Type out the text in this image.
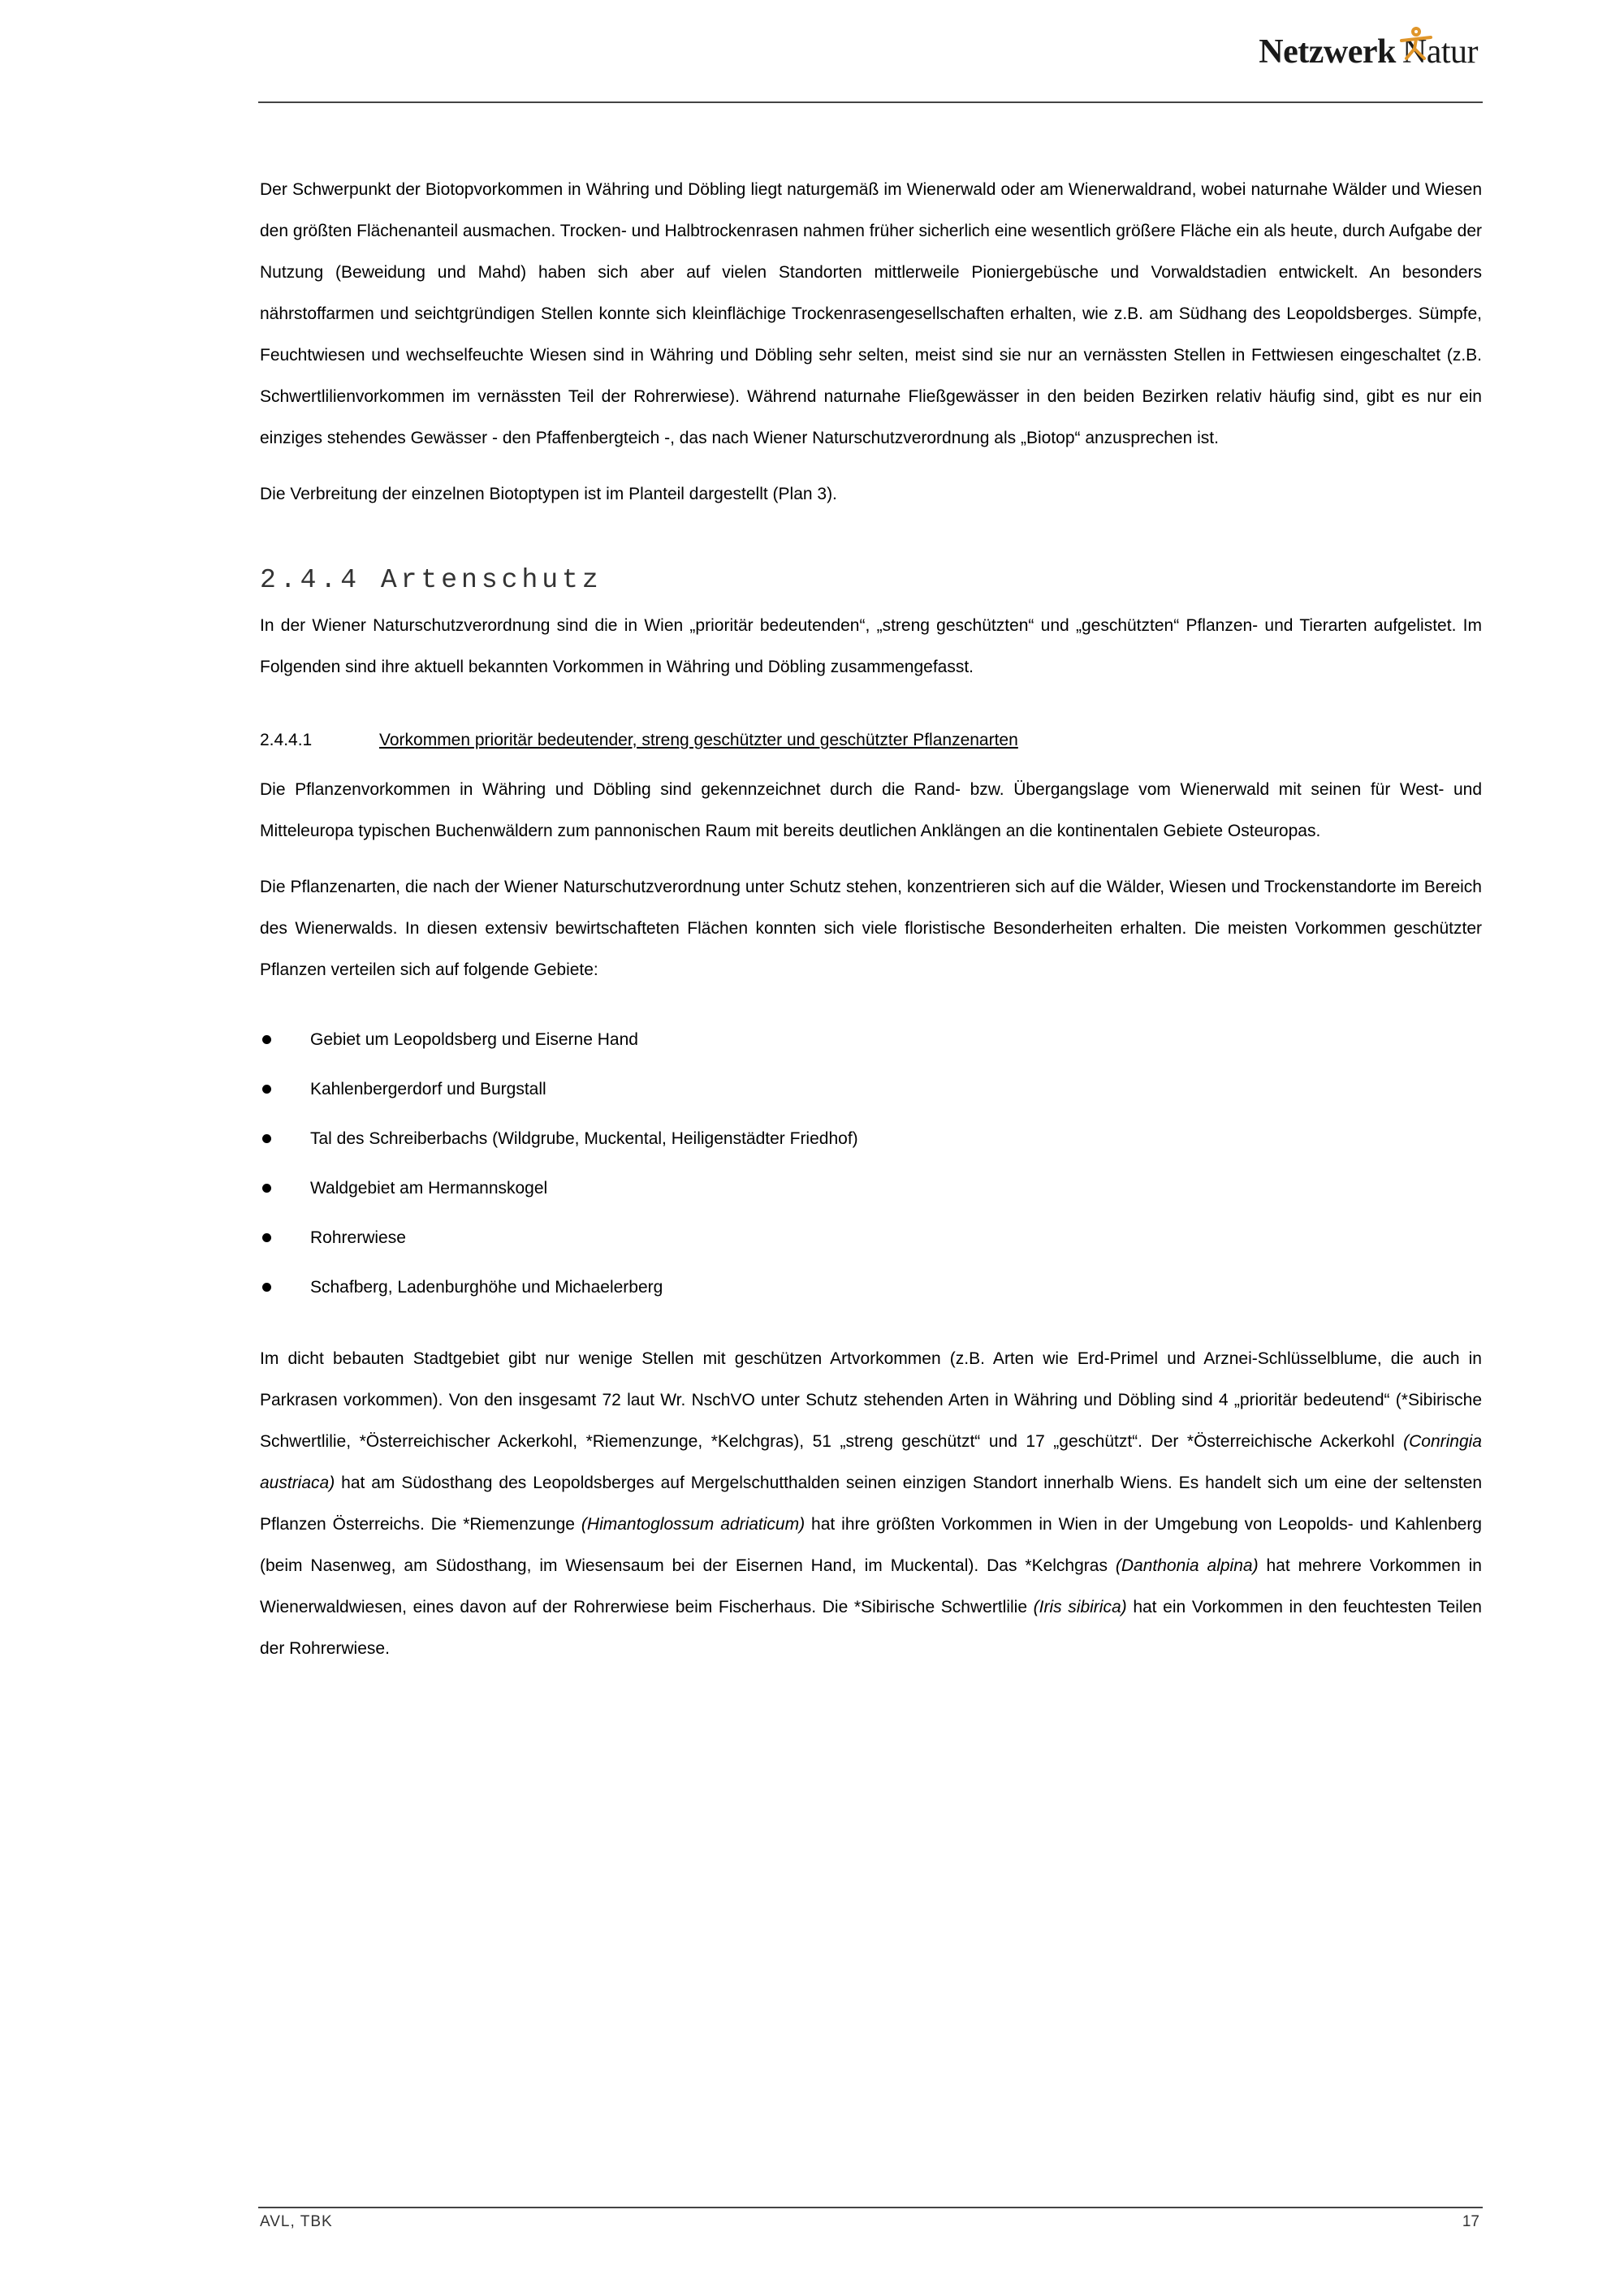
Netzwerk Natur

Der Schwerpunkt der Biotopvorkommen in Währing und Döbling liegt naturgemäß im Wienerwald oder am Wienerwaldrand, wobei naturnahe Wälder und Wiesen den größten Flächenanteil ausmachen. Trocken- und Halbtrockenrasen nahmen früher sicherlich eine wesentlich größere Fläche ein als heute, durch Aufgabe der Nutzung (Beweidung und Mahd) haben sich aber auf vielen Standorten mittlerweile Pioniergebüsche und Vorwaldstadien entwickelt. An besonders nährstoffarmen und seichtgründigen Stellen konnte sich kleinflächige Trockenrasengesellschaften erhalten, wie z.B. am Südhang des Leopoldsberges. Sümpfe, Feuchtwiesen und wechselfeuchte Wiesen sind in Währing und Döbling sehr selten, meist sind sie nur an vernässten Stellen in Fettwiesen eingeschaltet (z.B. Schwertlilienvorkommen im vernässten Teil der Rohrerwiese). Während naturnahe Fließgewässer in den beiden Bezirken relativ häufig sind, gibt es nur ein einziges stehendes Gewässer - den Pfaffenbergteich -, das nach Wiener Naturschutzverordnung als „Biotop“ anzusprechen ist.

Die Verbreitung der einzelnen Biotoptypen ist im Planteil dargestellt (Plan 3).

2.4.4 Artenschutz

In der Wiener Naturschutzverordnung sind die in Wien „prioritär bedeutenden“, „streng geschützten“ und „geschützten“ Pflanzen- und Tierarten aufgelistet. Im Folgenden sind ihre aktuell bekannten Vorkommen in Währing und Döbling zusammengefasst.

2.4.4.1	Vorkommen prioritär bedeutender, streng geschützter und geschützter Pflanzenarten

Die Pflanzenvorkommen in Währing und Döbling sind gekennzeichnet durch die Rand- bzw. Übergangslage vom Wienerwald mit seinen für West- und Mitteleuropa typischen Buchenwäldern zum pannonischen Raum mit bereits deutlichen Anklängen an die kontinentalen Gebiete Osteuropas.

Die Pflanzenarten, die nach der Wiener Naturschutzverordnung unter Schutz stehen, konzentrieren sich auf die Wälder, Wiesen und Trockenstandorte im Bereich des Wienerwalds. In diesen extensiv bewirtschafteten Flächen konnten sich viele floristische Besonderheiten erhalten. Die meisten Vorkommen geschützter Pflanzen verteilen sich auf folgende Gebiete:

Gebiet um Leopoldsberg und Eiserne Hand
Kahlenbergerdorf und Burgstall
Tal des Schreiberbachs (Wildgrube, Muckental, Heiligenstädter Friedhof)
Waldgebiet am Hermannskogel
Rohrerwiese
Schafberg, Ladenburghöhe und Michaelerberg

Im dicht bebauten Stadtgebiet gibt nur wenige Stellen mit geschützen Artvorkommen (z.B. Arten wie Erd-Primel und Arznei-Schlüsselblume, die auch in Parkrasen vorkommen). Von den insgesamt 72 laut Wr. NschVO unter Schutz stehenden Arten in Währing und Döbling sind 4 „prioritär bedeutend“ (*Sibirische Schwertlilie, *Österreichischer Ackerkohl, *Riemenzunge, *Kelchgras), 51 „streng geschützt“ und 17 „geschützt“. Der *Österreichische Ackerkohl (Conringia austriaca) hat am Südosthang des Leopoldsberges auf Mergelschutthalden seinen einzigen Standort innerhalb Wiens. Es handelt sich um eine der seltensten Pflanzen Österreichs. Die *Riemenzunge (Himantoglossum adriaticum) hat ihre größten Vorkommen in Wien in der Umgebung von Leopolds- und Kahlenberg (beim Nasenweg, am Südosthang, im Wiesensaum bei der Eisernen Hand, im Muckental). Das *Kelchgras (Danthonia alpina) hat mehrere Vorkommen in Wienerwaldwiesen, eines davon auf der Rohrerwiese beim Fischerhaus. Die *Sibirische Schwertlilie (Iris sibirica) hat ein Vorkommen in den feuchtesten Teilen der Rohrerwiese.

AVL, TBK	17
